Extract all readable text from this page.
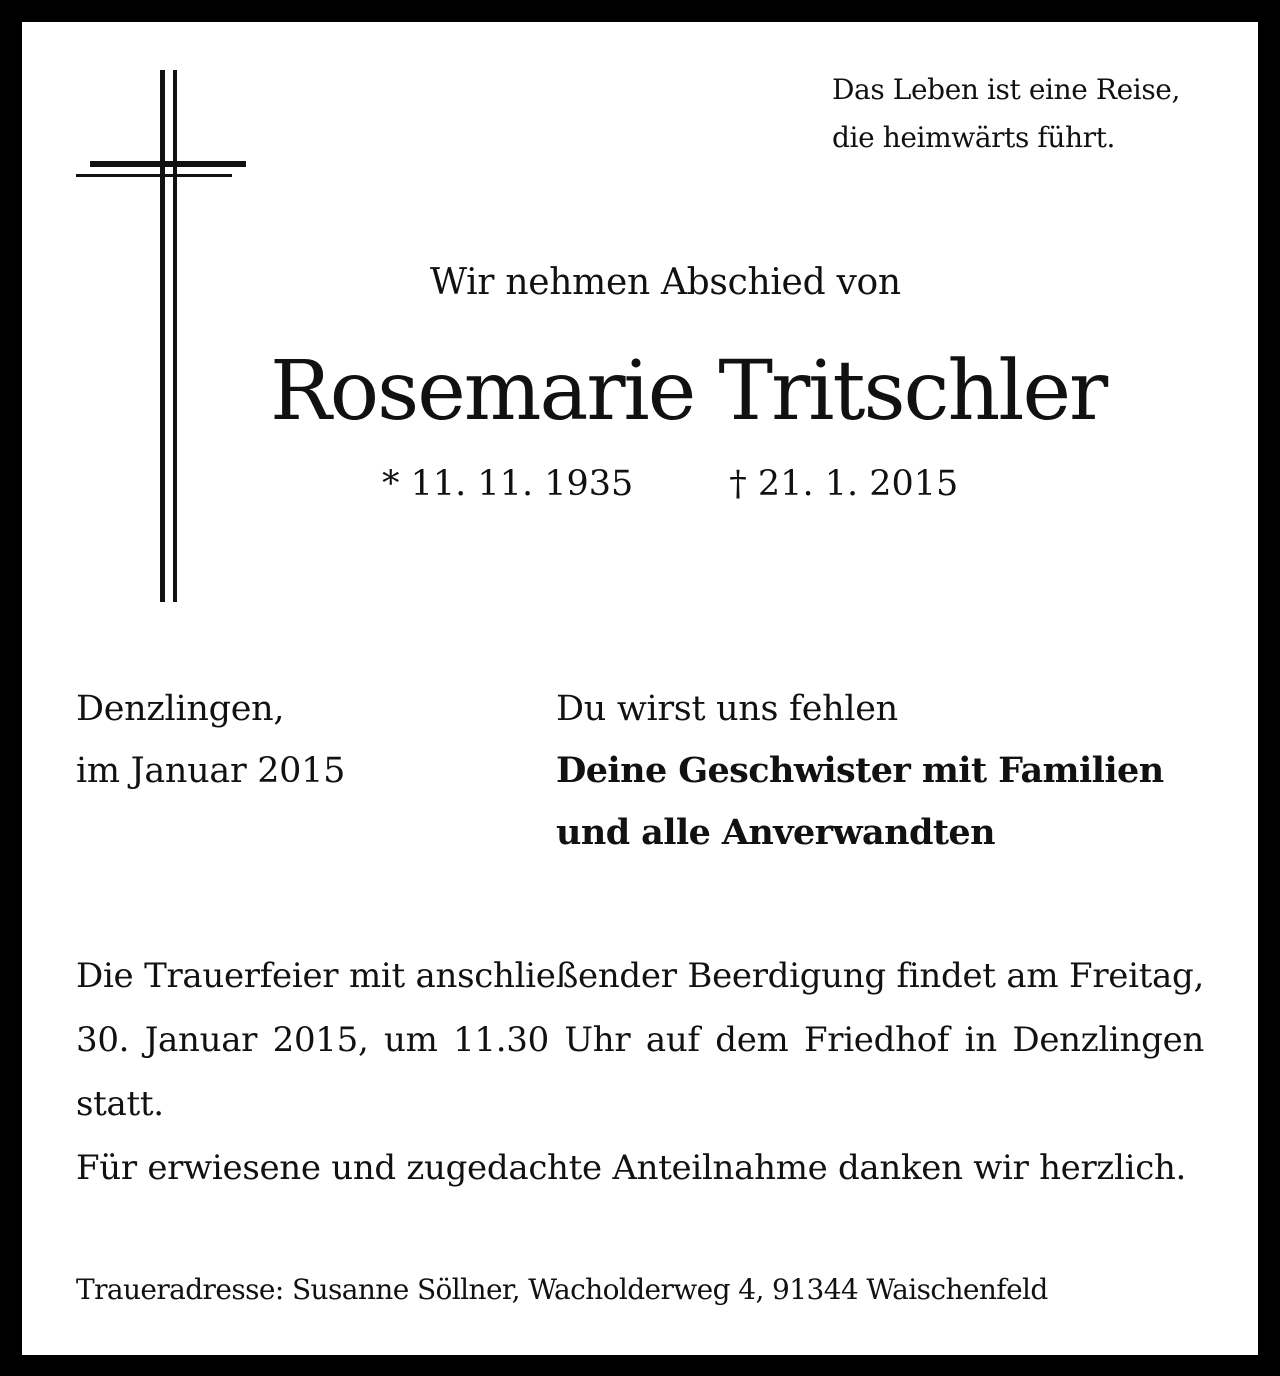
Das Leben ist eine Reise,
die heimwärts führt.
Wir nehmen Abschied von
Rosemarie Tritschler
* 11. 11. 1935	† 21. 1. 2015
Denzlingen,
im Januar 2015
Du wirst uns fehlen
Deine Geschwister mit Familien
und alle Anverwandten

Die Trauerfeier mit anschließender Beerdigung findet am Freitag, 30. Januar 2015, um 11.30 Uhr auf dem Friedhof in Denzlingen statt.

Für erwiesene und zugedachte Anteilnahme danken wir herzlich.

Traueradresse: Susanne Söllner, Wacholderweg 4, 91344 Waischenfeld
